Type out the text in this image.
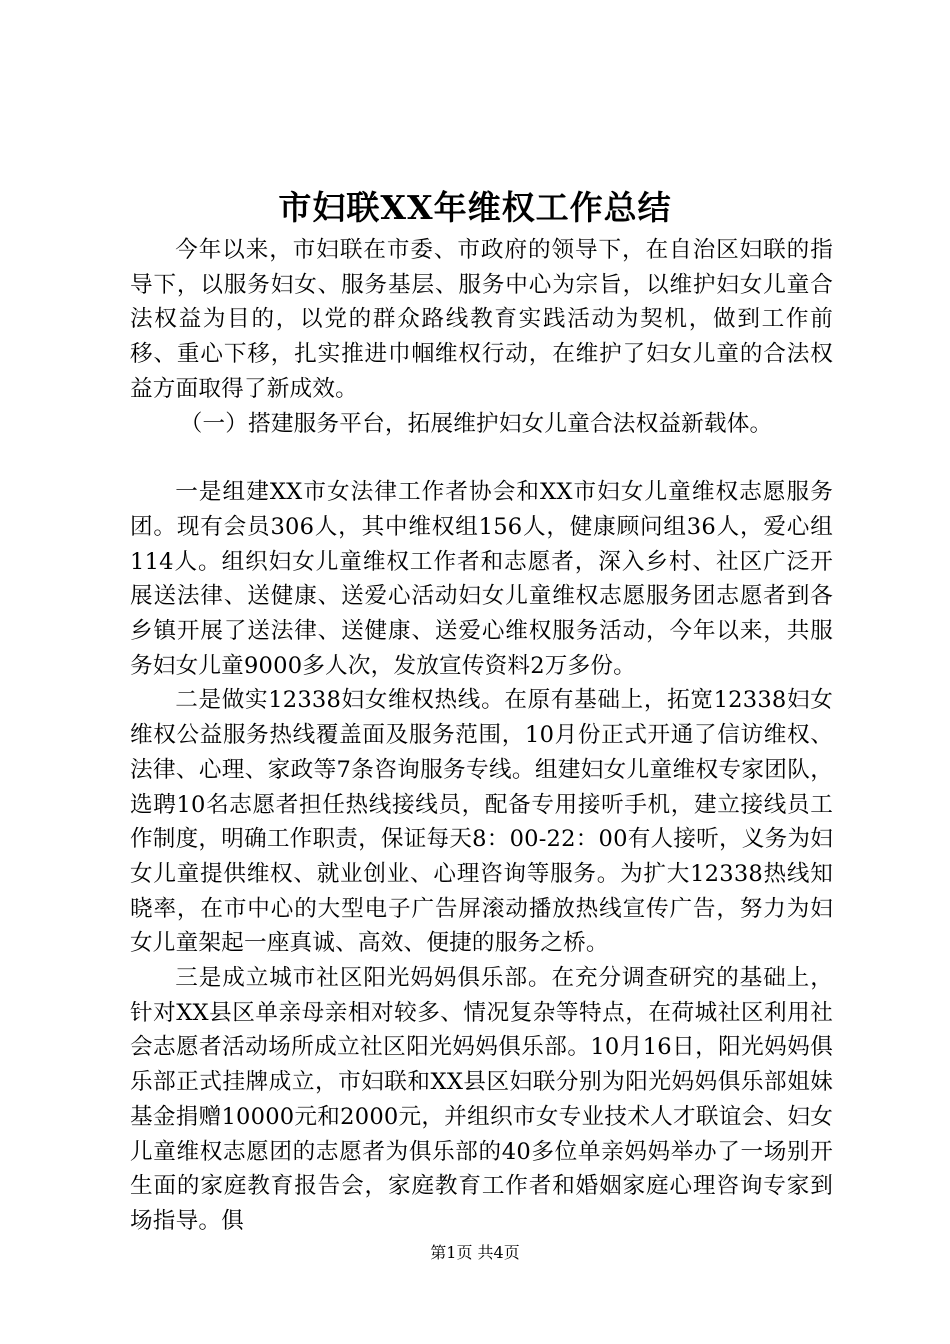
市妇联XX年维权工作总结

今年以来，市妇联在市委、市政府的领导下，在自治区妇联的指导下，以服务妇女、服务基层、服务中心为宗旨，以维护妇女儿童合法权益为目的，以党的群众路线教育实践活动为契机，做到工作前移、重心下移，扎实推进巾帼维权行动，在维护了妇女儿童的合法权益方面取得了新成效。

（一）搭建服务平台，拓展维护妇女儿童合法权益新载体。

一是组建XX市女法律工作者协会和XX市妇女儿童维权志愿服务团。现有会员306人，其中维权组156人，健康顾问组36人，爱心组114人。组织妇女儿童维权工作者和志愿者，深入乡村、社区广泛开展送法律、送健康、送爱心活动妇女儿童维权志愿服务团志愿者到各乡镇开展了送法律、送健康、送爱心维权服务活动，今年以来，共服务妇女儿童9000多人次，发放宣传资料2万多份。

二是做实12338妇女维权热线。在原有基础上，拓宽12338妇女维权公益服务热线覆盖面及服务范围，10月份正式开通了信访维权、法律、心理、家政等7条咨询服务专线。组建妇女儿童维权专家团队，选聘10名志愿者担任热线接线员，配备专用接听手机，建立接线员工作制度，明确工作职责，保证每天8：00-22：00有人接听，义务为妇女儿童提供维权、就业创业、心理咨询等服务。为扩大12338热线知晓率，在市中心的大型电子广告屏滚动播放热线宣传广告，努力为妇女儿童架起一座真诚、高效、便捷的服务之桥。

三是成立城市社区阳光妈妈俱乐部。在充分调查研究的基础上，针对XX县区单亲母亲相对较多、情况复杂等特点，在荷城社区利用社会志愿者活动场所成立社区阳光妈妈俱乐部。10月16日，阳光妈妈俱乐部正式挂牌成立，市妇联和XX县区妇联分别为阳光妈妈俱乐部姐妹基金捐赠10000元和2000元，并组织市女专业技术人才联谊会、妇女儿童维权志愿团的志愿者为俱乐部的40多位单亲妈妈举办了一场别开生面的家庭教育报告会，家庭教育工作者和婚姻家庭心理咨询专家到场指导。俱

第1页 共4页
